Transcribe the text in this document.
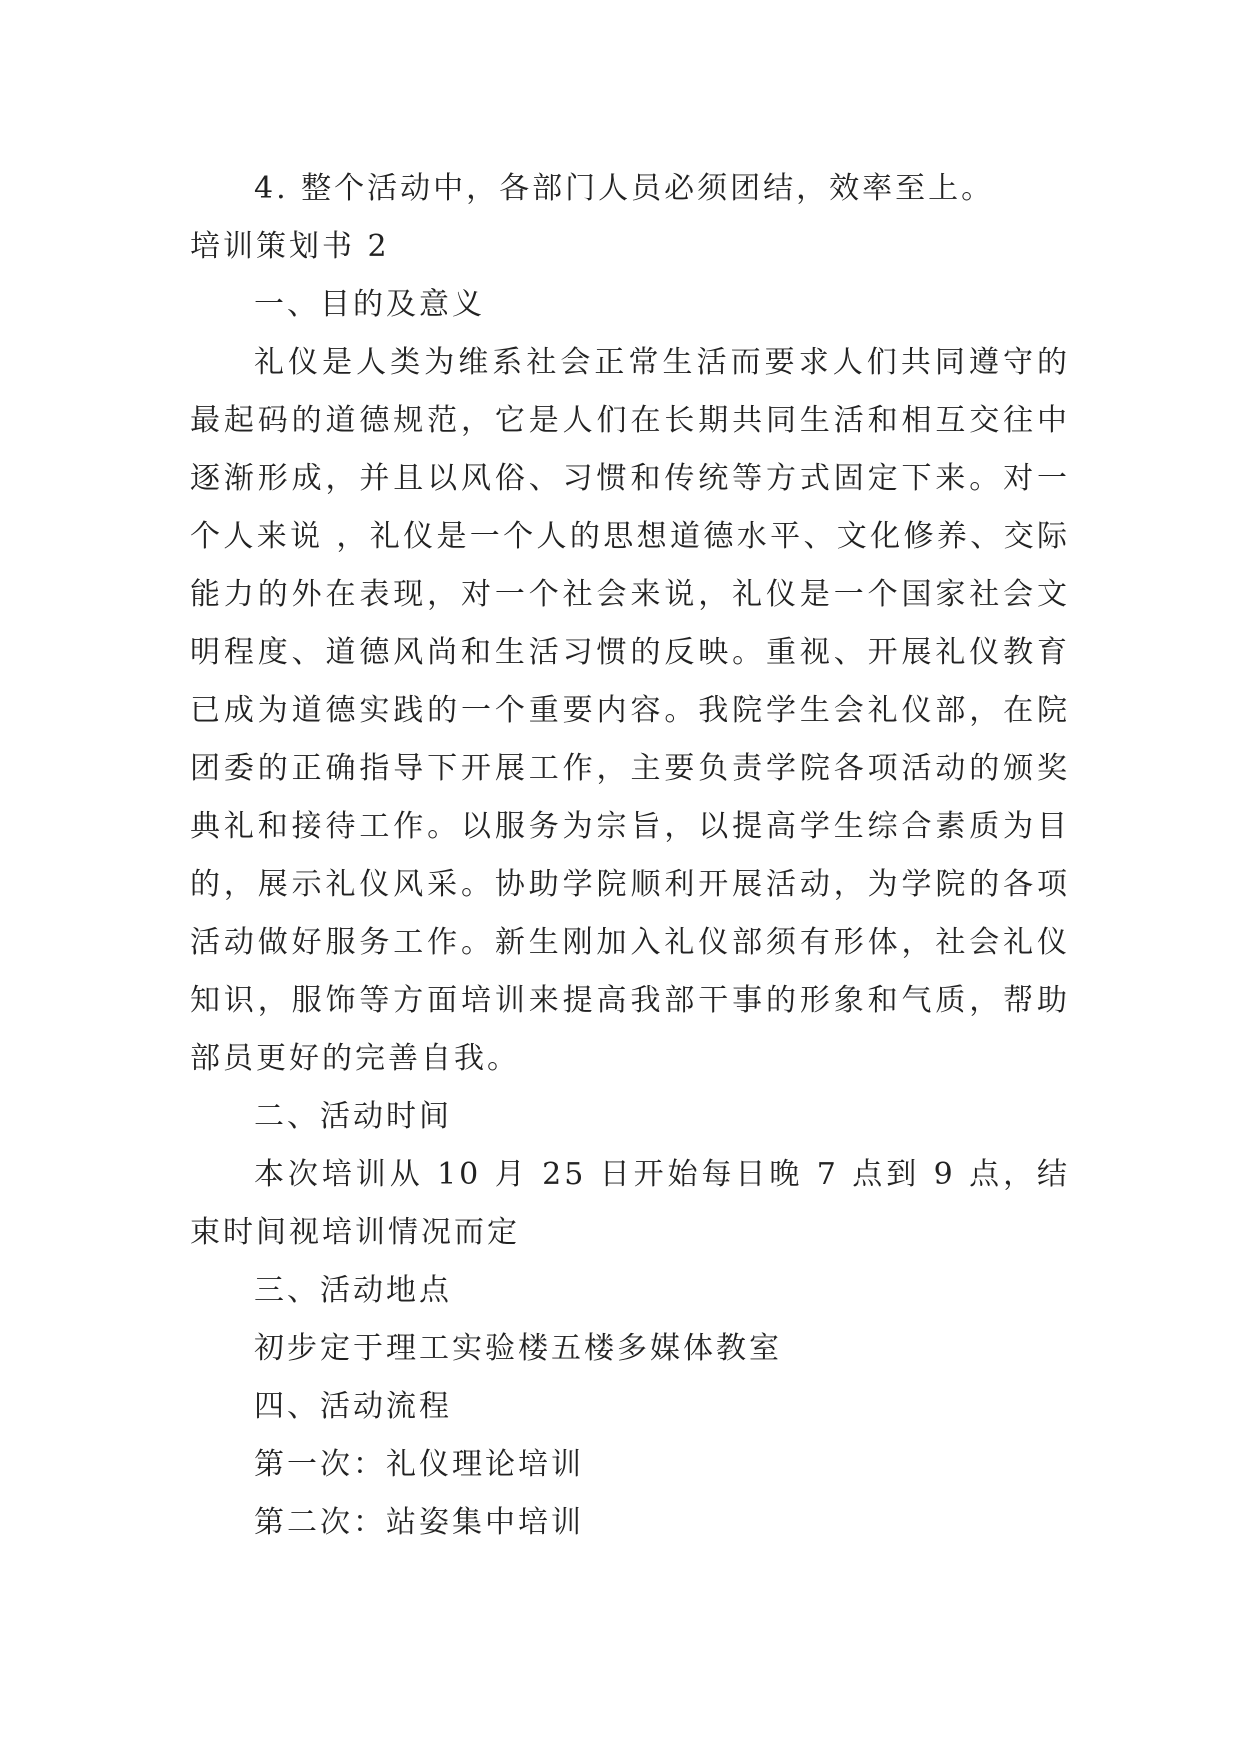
4. 整个活动中，各部门人员必须团结，效率至上。

培训策划书 2

一、目的及意义

礼仪是人类为维系社会正常生活而要求人们共同遵守的最起码的道德规范，它是人们在长期共同生活和相互交往中逐渐形成，并且以风俗、习惯和传统等方式固定下来。对一个人来说 ，礼仪是一个人的思想道德水平、文化修养、交际能力的外在表现，对一个社会来说，礼仪是一个国家社会文明程度、道德风尚和生活习惯的反映。重视、开展礼仪教育已成为道德实践的一个重要内容。我院学生会礼仪部，在院团委的正确指导下开展工作，主要负责学院各项活动的颁奖典礼和接待工作。以服务为宗旨，以提高学生综合素质为目的，展示礼仪风采。协助学院顺利开展活动，为学院的各项活动做好服务工作。新生刚加入礼仪部须有形体，社会礼仪知识，服饰等方面培训来提高我部干事的形象和气质，帮助部员更好的完善自我。

二、活动时间

本次培训从 10 月 25 日开始每日晚 7 点到 9 点，结束时间视培训情况而定

三、活动地点

初步定于理工实验楼五楼多媒体教室

四、活动流程

第一次：礼仪理论培训

第二次：站姿集中培训
